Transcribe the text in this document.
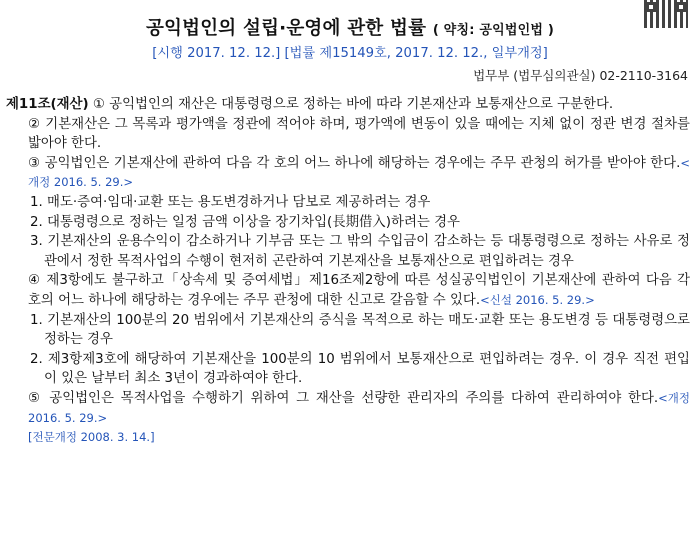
공익법인의 설립·운영에 관한 법률 ( 약칭: 공익법인법 )
[시행 2017. 12. 12.] [법률 제15149호, 2017. 12. 12., 일부개정]
법무부 (법무심의관실) 02-2110-3164

제11조(재산) ① 공익법인의 재산은 대통령령으로 정하는 바에 따라 기본재산과 보통재산으로 구분한다.

② 기본재산은 그 목록과 평가액을 정관에 적어야 하며, 평가액에 변동이 있을 때에는 지체 없이 정관 변경 절차를 밟아야 한다.

③ 공익법인은 기본재산에 관하여 다음 각 호의 어느 하나에 해당하는 경우에는 주무 관청의 허가를 받아야 한다.<개정 2016. 5. 29.>

1. 매도·증여·임대·교환 또는 용도변경하거나 담보로 제공하려는 경우

2. 대통령령으로 정하는 일정 금액 이상을 장기차입(長期借入)하려는 경우

3. 기본재산의 운용수익이 감소하거나 기부금 또는 그 밖의 수입금이 감소하는 등 대통령령으로 정하는 사유로 정관에서 정한 목적사업의 수행이 현저히 곤란하여 기본재산을 보통재산으로 편입하려는 경우

④ 제3항에도 불구하고「상속세 및 증여세법」제16조제2항에 따른 성실공익법인이 기본재산에 관하여 다음 각 호의 어느 하나에 해당하는 경우에는 주무 관청에 대한 신고로 갈음할 수 있다.<신설 2016. 5. 29.>

1. 기본재산의 100분의 20 범위에서 기본재산의 증식을 목적으로 하는 매도·교환 또는 용도변경 등 대통령령으로 정하는 경우

2. 제3항제3호에 해당하여 기본재산을 100분의 10 범위에서 보통재산으로 편입하려는 경우. 이 경우 직전 편입이 있은 날부터 최소 3년이 경과하여야 한다.

⑤ 공익법인은 목적사업을 수행하기 위하여 그 재산을 선량한 관리자의 주의를 다하여 관리하여야 한다.<개정 2016. 5. 29.>

[전문개정 2008. 3. 14.]
